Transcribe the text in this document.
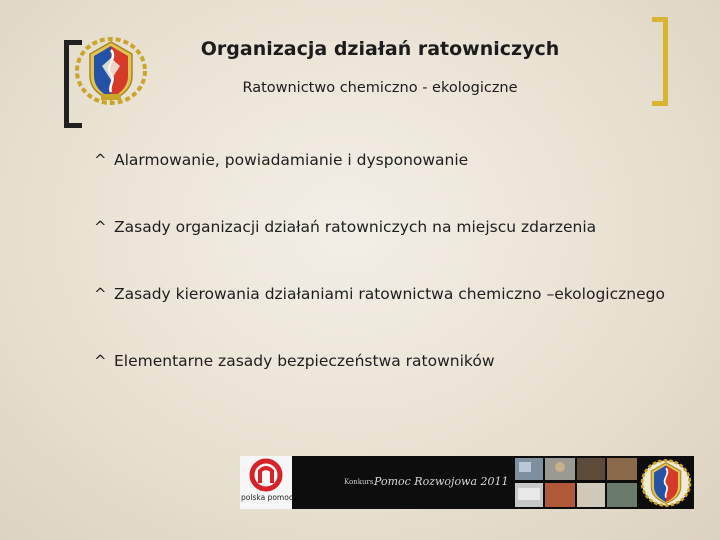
Organizacja działań ratowniczych
Ratownictwo chemiczno - ekologiczne
^ Alarmowanie, powiadamianie i dysponowanie
^ Zasady organizacji działań ratowniczych na miejscu zdarzenia
^ Zasady kierowania działaniami ratownictwa chemiczno –ekologicznego
^ Elementarne zasady bezpieczeństwa ratowników
polska pomoc
Konkurs Pomoc Rozwojowa 2011
